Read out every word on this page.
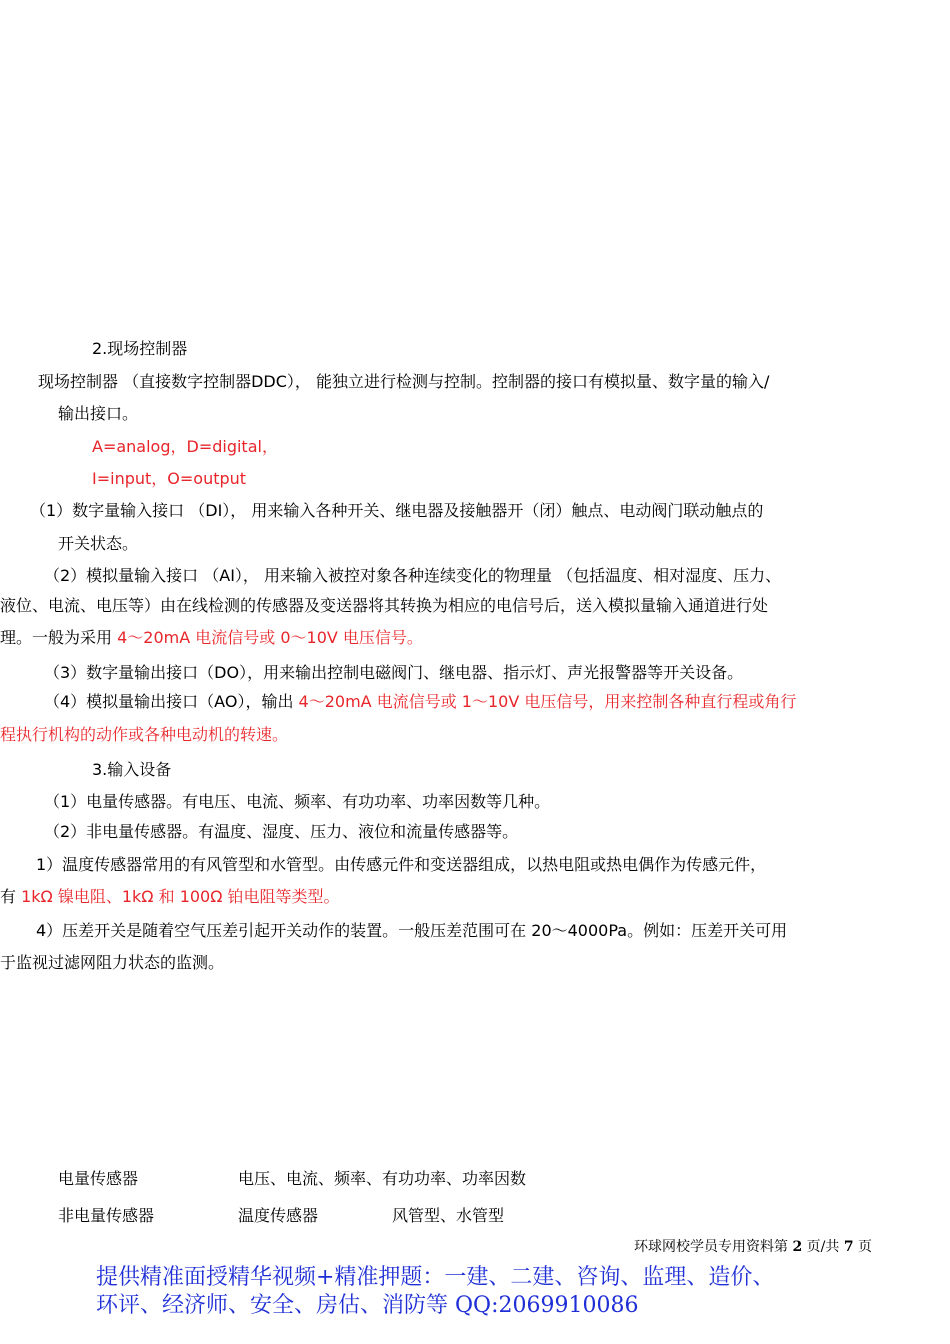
2.现场控制器
现场控制器 （直接数字控制器DDC）， 能独立进行检测与控制。控制器的接口有模拟量、数字量的输入/
输出接口。
A=analog，D=digital，
I=input，O=output
（1）数字量输入接口 （DI）， 用来输入各种开关、继电器及接触器开（闭）触点、电动阀门联动触点的
开关状态。
（2）模拟量输入接口 （AI）， 用来输入被控对象各种连续变化的物理量 （包括温度、相对湿度、压力、
液位、电流、电压等）由在线检测的传感器及变送器将其转换为相应的电信号后，送入模拟量输入通道进行处
理。一般为采用 4～20mA 电流信号或 0～10V 电压信号。
（3）数字量输出接口（DO），用来输出控制电磁阀门、继电器、指示灯、声光报警器等开关设备。
（4）模拟量输出接口（AO），输出 4～20mA 电流信号或 1～10V 电压信号，用来控制各种直行程或角行
程执行机构的动作或各种电动机的转速。
3.输入设备
（1）电量传感器。有电压、电流、频率、有功功率、功率因数等几种。
（2）非电量传感器。有温度、湿度、压力、液位和流量传感器等。
1）温度传感器常用的有风管型和水管型。由传感元件和变送器组成，以热电阻或热电偶作为传感元件，
有 1kΩ 镍电阻、1kΩ 和 100Ω 铂电阻等类型。
4）压差开关是随着空气压差引起开关动作的装置。一般压差范围可在 20～4000Pa。例如：压差开关可用
于监视过滤网阻力状态的监测。
电量传感器	电压、电流、频率、有功功率、功率因数
非电量传感器	温度传感器	风管型、水管型
环球网校学员专用资料第 2 页/共 7 页
提供精准面授精华视频+精准押题：一建、二建、咨询、监理、造价、
环评、经济师、安全、房估、消防等 QQ:2069910086
